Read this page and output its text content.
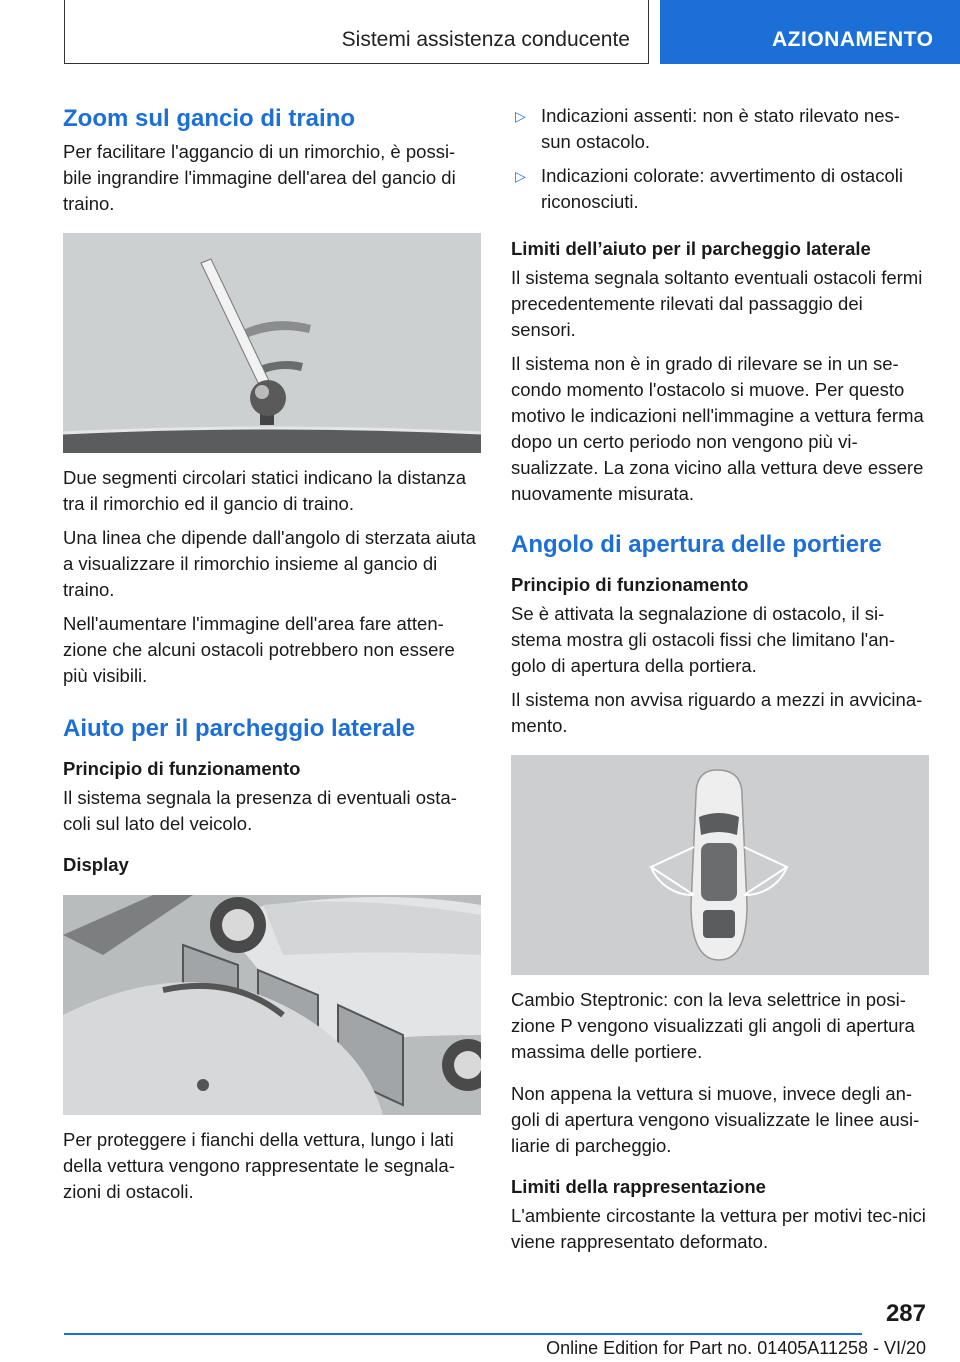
Sistemi assistenza conducente	AZIONAMENTO
Zoom sul gancio di traino

Per facilitare l'aggancio di un rimorchio, è possi-bile ingrandire l'immagine dell'area del gancio di traino.

Due segmenti circolari statici indicano la distanza tra il rimorchio ed il gancio di traino.

Una linea che dipende dall'angolo di sterzata aiuta a visualizzare il rimorchio insieme al gancio di traino.

Nell'aumentare l'immagine dell'area fare atten-zione che alcuni ostacoli potrebbero non essere più visibili.

Aiuto per il parcheggio laterale
Principio di funzionamento

Il sistema segnala la presenza di eventuali osta-coli sul lato del veicolo.

Display

Per proteggere i fianchi della vettura, lungo i lati della vettura vengono rappresentate le segnala-zioni di ostacoli.

▷ Indicazioni assenti: non è stato rilevato nes-sun ostacolo.
▷ Indicazioni colorate: avvertimento di ostacoli riconosciuti.
Limiti dell’aiuto per il parcheggio laterale

Il sistema segnala soltanto eventuali ostacoli fermi precedentemente rilevati dal passaggio dei sensori.

Il sistema non è in grado di rilevare se in un se-condo momento l'ostacolo si muove. Per questo motivo le indicazioni nell'immagine a vettura ferma dopo un certo periodo non vengono più vi-sualizzate. La zona vicino alla vettura deve essere nuovamente misurata.

Angolo di apertura delle portiere
Principio di funzionamento

Se è attivata la segnalazione di ostacolo, il si-stema mostra gli ostacoli fissi che limitano l'an-golo di apertura della portiera.

Il sistema non avvisa riguardo a mezzi in avvicina-mento.

Cambio Steptronic: con la leva selettrice in posi-zione P vengono visualizzati gli angoli di apertura massima delle portiere.

Non appena la vettura si muove, invece degli an-goli di apertura vengono visualizzate le linee ausi-liarie di parcheggio.

Limiti della rappresentazione

L'ambiente circostante la vettura per motivi tec-nici viene rappresentato deformato.

287
Online Edition for Part no. 01405A11258 - VI/20
